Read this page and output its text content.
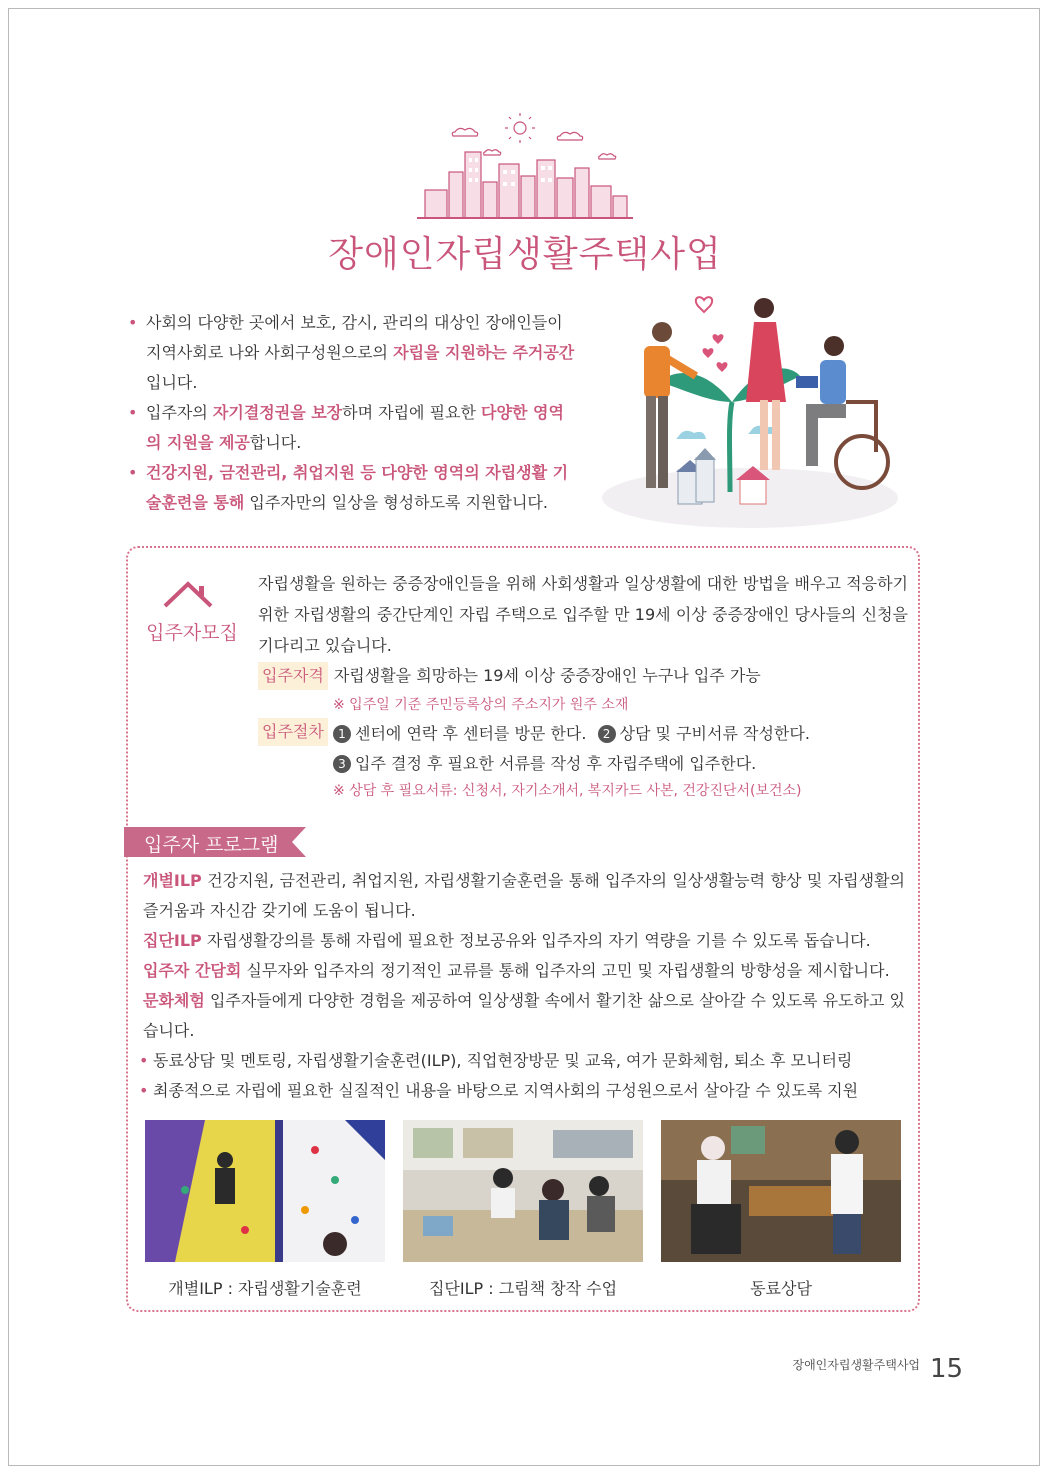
장애인자립생활주택사업
• 사회의 다양한 곳에서 보호, 감시, 관리의 대상인 장애인들이 지역사회로 나와 사회구성원으로의 자립을 지원하는 주거공간 입니다.
• 입주자의 자기결정권을 보장하며 자립에 필요한 다양한 영역의 지원을 제공합니다.
• 건강지원, 금전관리, 취업지원 등 다양한 영역의 자립생활 기술훈련을 통해 입주자만의 일상을 형성하도록 지원합니다.
입주자모집
자립생활을 원하는 중증장애인들을 위해 사회생활과 일상생활에 대한 방법을 배우고 적응하기 위한 자립생활의 중간단계인 자립 주택으로 입주할 만 19세 이상 중증장애인 당사들의 신청을 기다리고 있습니다.
입주자격 자립생활을 희망하는 19세 이상 중증장애인 누구나 입주 가능
※ 입주일 기준 주민등록상의 주소지가 원주 소재
입주절차	1 센터에 연락 후 센터를 방문 한다. 2 상담 및 구비서류 작성한다.
3 입주 결정 후 필요한 서류를 작성 후 자립주택에 입주한다.
※ 상담 후 필요서류: 신청서, 자기소개서, 복지카드 사본, 건강진단서(보건소)
입주자 프로그램

개별ILP 건강지원, 금전관리, 취업지원, 자립생활기술훈련을 통해 입주자의 일상생활능력 향상 및 자립생활의 즐거움과 자신감 갖기에 도움이 됩니다.

집단ILP 자립생활강의를 통해 자립에 필요한 정보공유와 입주자의 자기 역량을 기를 수 있도록 돕습니다.

입주자 간담회 실무자와 입주자의 정기적인 교류를 통해 입주자의 고민 및 자립생활의 방향성을 제시합니다.

문화체험 입주자들에게 다양한 경험을 제공하여 일상생활 속에서 활기찬 삶으로 살아갈 수 있도록 유도하고 있습니다.

• 동료상담 및 멘토링, 자립생활기술훈련(ILP), 직업현장방문 및 교육, 여가 문화체험, 퇴소 후 모니터링

• 최종적으로 자립에 필요한 실질적인 내용을 바탕으로 지역사회의 구성원으로서 살아갈 수 있도록 지원

개별ILP : 자립생활기술훈련	집단ILP : 그림책 창작 수업	동료상담
장애인자립생활주택사업 15
